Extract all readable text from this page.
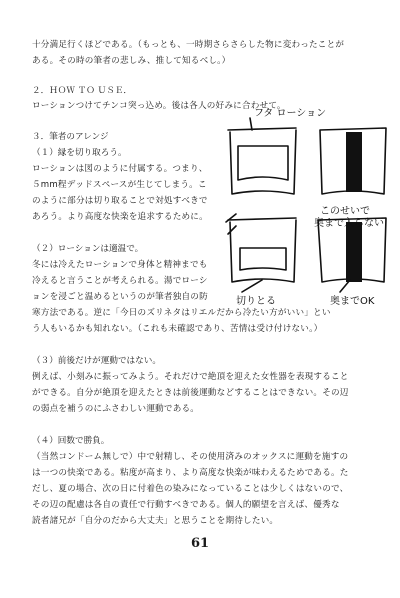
十分満足行くほどである。（もっとも、一時期さらさらした物に変わったことが
ある。その時の筆者の悲しみ、推して知るべし。）
２．ＨＯＷ ＴＯ ＵＳＥ．
ローションつけてチンコ突っ込め。後は各人の好みに合わせて。
３．筆者のアレンジ
（１）縁を切り取ろう。
ローションは図のように付属する。つまり、
５mm程デッドスペースが生じてしまう。こ
のように部分は切り取ることで対処すべきで
あろう。より高度な快楽を追求するために。
（２）ローションは適温で。
冬には冷えたローションで身体と精神までも
冷えると言うことが考えられる。湯でローシ
ョンを浸ごと温めるというのが筆者独自の防
寒方法である。逆に「今日のズリネタはリエルだから冷たい方がいい」とい
う人もいるかも知れない。（これも未確認であり、苦情は受け付けない。）
（３）前後だけが運動ではない。
例えば、小刻みに振ってみよう。それだけで絶頂を迎えた女性器を表現すること
ができる。自分が絶頂を迎えたときは前後運動などすることはできない。その辺
の弱点を補うのにふさわしい運動である。
（４）回数で勝負。
（当然コンドーム無しで）中で射精し、その使用済みのオックスに運動を施すの
は一つの快楽である。粘度が高まり、より高度な快楽が味わえるためである。た
だし、夏の場合、次の日に付着色の染みになっていることは少しくはないので、
その辺の配慮は各自の責任で行動すべきである。個人的願望を言えば、優秀な
読者諸兄が「自分のだから大丈夫」と思うことを期待したい。
フタ ローション
このせいで
奥まで入らない
切りとる	奥までOK
61
